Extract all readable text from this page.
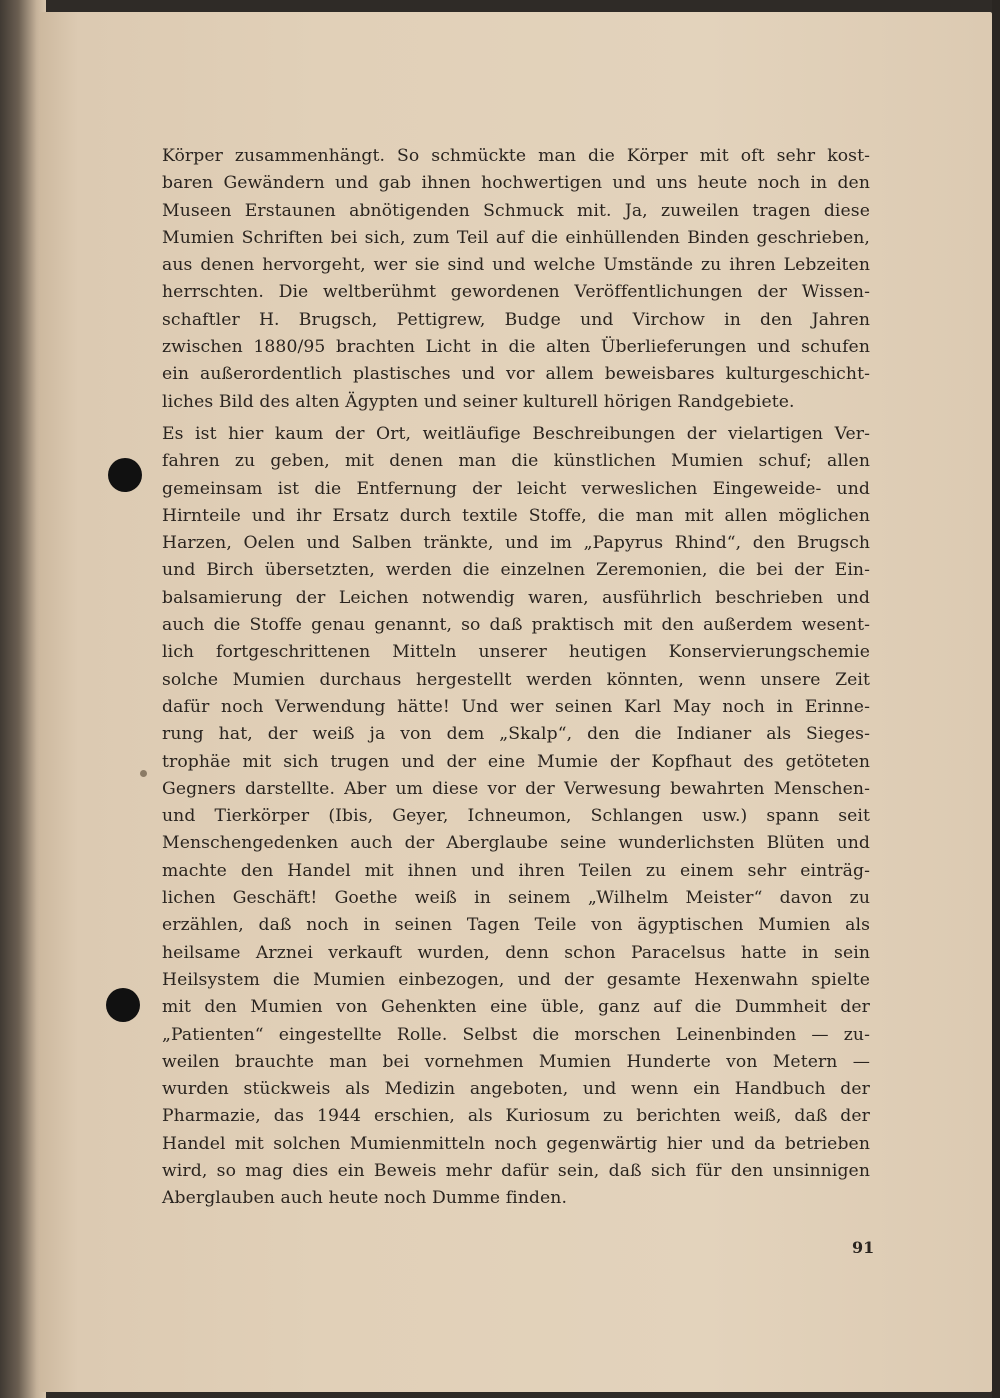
Körper zusammenhängt. So schmückte man die Körper mit oft sehr kost-
baren Gewändern und gab ihnen hochwertigen und uns heute noch in den
Museen Erstaunen abnötigenden Schmuck mit. Ja, zuweilen tragen diese
Mumien Schriften bei sich, zum Teil auf die einhüllenden Binden geschrieben,
aus denen hervorgeht, wer sie sind und welche Umstände zu ihren Lebzeiten
herrschten. Die weltberühmt gewordenen Veröffentlichungen der Wissen-
schaftler H. Brugsch, Pettigrew, Budge und Virchow in den Jahren
zwischen 1880/95 brachten Licht in die alten Überlieferungen und schufen
ein außerordentlich plastisches und vor allem beweisbares kulturgeschicht-
liches Bild des alten Ägypten und seiner kulturell hörigen Randgebiete.
Es ist hier kaum der Ort, weitläufige Beschreibungen der vielartigen Ver-
fahren zu geben, mit denen man die künstlichen Mumien schuf; allen
gemeinsam ist die Entfernung der leicht verweslichen Eingeweide- und
Hirnteile und ihr Ersatz durch textile Stoffe, die man mit allen möglichen
Harzen, Oelen und Salben tränkte, und im „Papyrus Rhind“, den Brugsch
und Birch übersetzten, werden die einzelnen Zeremonien, die bei der Ein-
balsamierung der Leichen notwendig waren, ausführlich beschrieben und
auch die Stoffe genau genannt, so daß praktisch mit den außerdem wesent-
lich fortgeschrittenen Mitteln unserer heutigen Konservierungschemie
solche Mumien durchaus hergestellt werden könnten, wenn unsere Zeit
dafür noch Verwendung hätte! Und wer seinen Karl May noch in Erinne-
rung hat, der weiß ja von dem „Skalp“, den die Indianer als Sieges-
trophäe mit sich trugen und der eine Mumie der Kopfhaut des getöteten
Gegners darstellte. Aber um diese vor der Verwesung bewahrten Menschen-
und Tierkörper (Ibis, Geyer, Ichneumon, Schlangen usw.) spann seit
Menschengedenken auch der Aberglaube seine wunderlichsten Blüten und
machte den Handel mit ihnen und ihren Teilen zu einem sehr einträg-
lichen Geschäft! Goethe weiß in seinem „Wilhelm Meister“ davon zu
erzählen, daß noch in seinen Tagen Teile von ägyptischen Mumien als
heilsame Arznei verkauft wurden, denn schon Paracelsus hatte in sein
Heilsystem die Mumien einbezogen, und der gesamte Hexenwahn spielte
mit den Mumien von Gehenkten eine üble, ganz auf die Dummheit der
„Patienten“ eingestellte Rolle. Selbst die morschen Leinenbinden — zu-
weilen brauchte man bei vornehmen Mumien Hunderte von Metern —
wurden stückweis als Medizin angeboten, und wenn ein Handbuch der
Pharmazie, das 1944 erschien, als Kuriosum zu berichten weiß, daß der
Handel mit solchen Mumienmitteln noch gegenwärtig hier und da betrieben
wird, so mag dies ein Beweis mehr dafür sein, daß sich für den unsinnigen
Aberglauben auch heute noch Dumme finden.
91
